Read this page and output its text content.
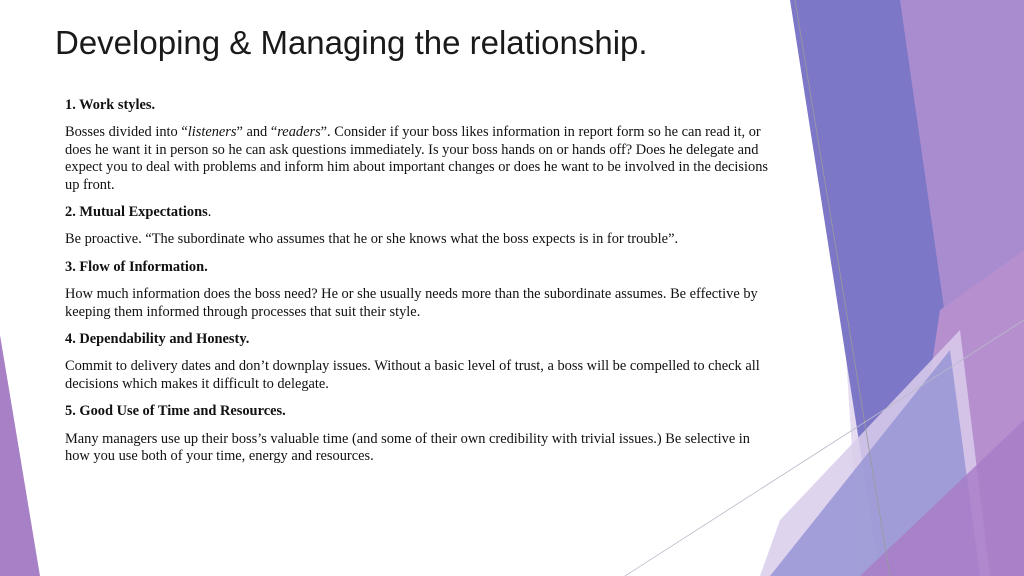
Developing & Managing the relationship.
1. Work styles.
Bosses divided into “listeners” and “readers”. Consider if your boss likes information in report form so he can read it, or does he want it in person so he can ask questions immediately. Is your boss hands on or hands off? Does he delegate and expect you to deal with problems and inform him about important changes or does he want to be involved in the decisions up front.
2. Mutual Expectations.
Be proactive. “The subordinate who assumes that he or she knows what the boss expects is in for trouble”.
3. Flow of Information.
How much information does the boss need? He or she usually needs more than the subordinate assumes. Be effective by keeping them informed through processes that suit their style.
4. Dependability and Honesty.
Commit to delivery dates and don’t downplay issues. Without a basic level of trust, a boss will be compelled to check all decisions which makes it difficult to delegate.
5. Good Use of Time and Resources.
Many managers use up their boss’s valuable time (and some of their own credibility with trivial issues.) Be selective in how you use both of your time, energy and resources.
